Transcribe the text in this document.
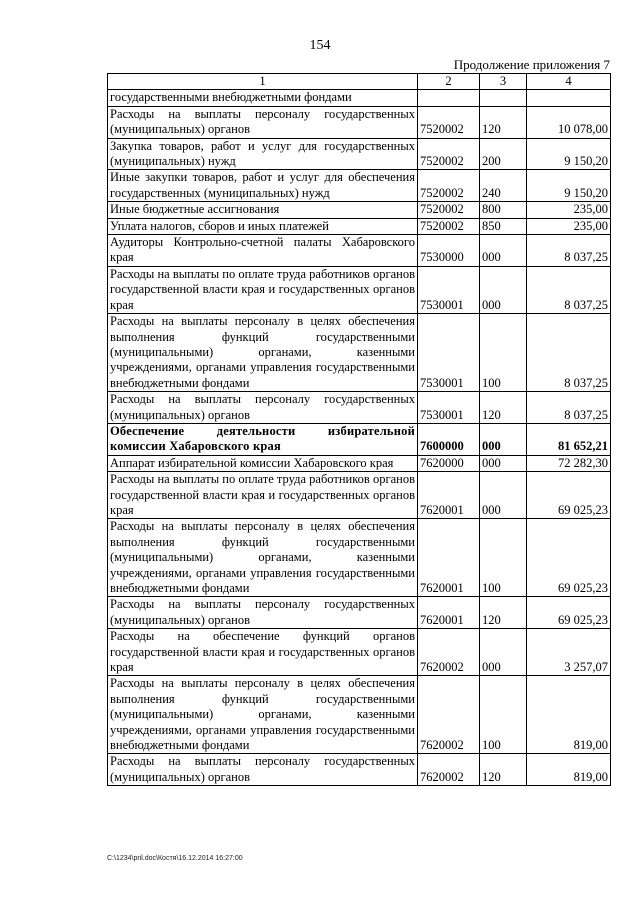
154
Продолжение приложения 7
1	2	3	4
государственными внебюджетными фондами			
Расходы на выплаты персоналу государственных (муниципальных) органов	7520002	120	10 078,00
Закупка товаров, работ и услуг для государственных (муниципальных) нужд	7520002	200	9 150,20
Иные закупки товаров, работ и услуг для обеспечения государственных (муниципальных) нужд	7520002	240	9 150,20
Иные бюджетные ассигнования	7520002	800	235,00
Уплата налогов, сборов и иных платежей	7520002	850	235,00
Аудиторы Контрольно-счетной палаты Хабаровского края	7530000	000	8 037,25
Расходы на выплаты по оплате труда работников органов государственной власти края и государственных органов края	7530001	000	8 037,25
Расходы на выплаты персоналу в целях обеспечения выполнения функций государственными (муниципальными) органами, казенными учреждениями, органами управления государственными внебюджетными фондами	7530001	100	8 037,25
Расходы на выплаты персоналу государственных (муниципальных) органов	7530001	120	8 037,25
Обеспечение деятельности избирательной комиссии Хабаровского края	7600000	000	81 652,21
Аппарат избирательной комиссии Хабаровского края	7620000	000	72 282,30
Расходы на выплаты по оплате труда работников органов государственной власти края и государственных органов края	7620001	000	69 025,23
Расходы на выплаты персоналу в целях обеспечения выполнения функций государственными (муниципальными) органами, казенными учреждениями, органами управления государственными внебюджетными фондами	7620001	100	69 025,23
Расходы на выплаты персоналу государственных (муниципальных) органов	7620001	120	69 025,23
Расходы на обеспечение функций органов государственной власти края и государственных органов края	7620002	000	3 257,07
Расходы на выплаты персоналу в целях обеспечения выполнения функций государственными (муниципальными) органами, казенными учреждениями, органами управления государственными внебюджетными фондами	7620002	100	819,00
Расходы на выплаты персоналу государственных (муниципальных) органов	7620002	120	819,00
C:\1234\pril.doc\Костя\16.12.2014 16:27:00
